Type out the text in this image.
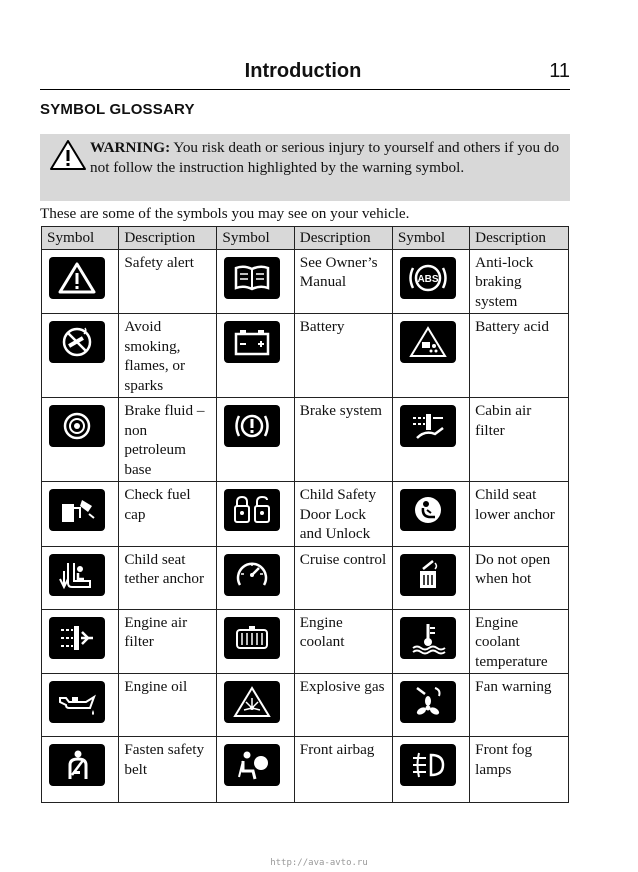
Introduction	11
SYMBOL GLOSSARY
WARNING: You risk death or serious injury to yourself and others if you do not follow the instruction highlighted by the warning symbol.
These are some of the symbols you may see on your vehicle.
Symbol	Description	Symbol	Description	Symbol	Description

	Safety alert		See Owner’s Manual	ABS	Anti-lock braking system

	Avoid smoking, flames, or sparks		Battery		Battery acid

	Brake fluid – non petroleum base		Brake system		Cabin air filter

	Check fuel cap		Child Safety Door Lock and Unlock		Child seat lower anchor

	Child seat tether anchor		Cruise control		Do not open when hot

	Engine air filter		Engine coolant		Engine coolant temperature

	Engine oil		Explosive gas		Fan warning

	Fasten safety belt		Front airbag		Front fog lamps
http://ava-avto.ru
